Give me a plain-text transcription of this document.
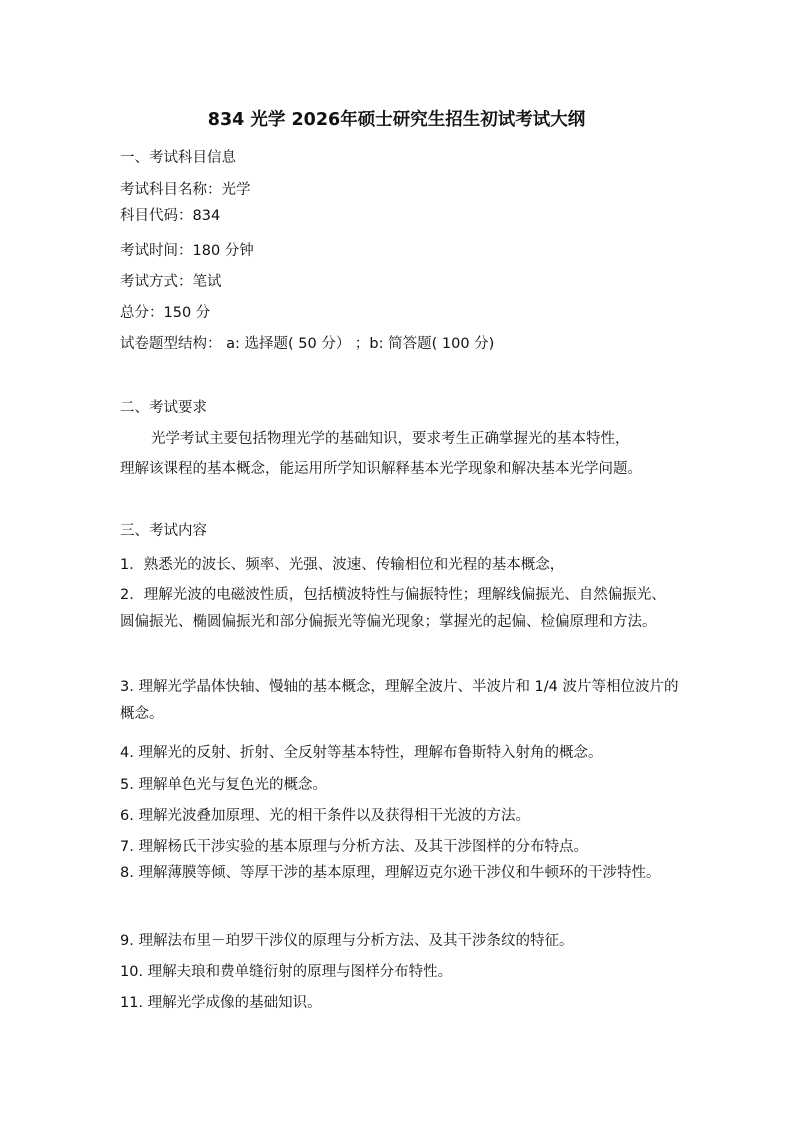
834 光学 2026年硕士研究生招生初试考试大纲
一、考试科目信息
考试科目名称：光学
科目代码：834
考试时间：180 分钟
考试方式：笔试
总分：150 分
试卷题型结构： a: 选择题( 50 分） ；b: 简答题( 100 分)
二、考试要求
光学考试主要包括物理光学的基础知识，要求考生正确掌握光的基本特性，
理解该课程的基本概念，能运用所学知识解释基本光学现象和解决基本光学问题。
三、考试内容
1．熟悉光的波长、频率、光强、波速、传输相位和光程的基本概念，
2．理解光波的电磁波性质，包括横波特性与偏振特性；理解线偏振光、自然偏振光、圆偏振光、椭圆偏振光和部分偏振光等偏光现象；掌握光的起偏、检偏原理和方法。
3. 理解光学晶体快轴、慢轴的基本概念，理解全波片、半波片和 1/4 波片等相位波片的概念。
4. 理解光的反射、折射、全反射等基本特性，理解布鲁斯特入射角的概念。
5. 理解单色光与复色光的概念。
6. 理解光波叠加原理、光的相干条件以及获得相干光波的方法。
7. 理解杨氏干涉实验的基本原理与分析方法、及其干涉图样的分布特点。
8. 理解薄膜等倾、等厚干涉的基本原理，理解迈克尔逊干涉仪和牛顿环的干涉特性。
9. 理解法布里－珀罗干涉仪的原理与分析方法、及其干涉条纹的特征。
10. 理解夫琅和费单缝衍射的原理与图样分布特性。
11. 理解光学成像的基础知识。
